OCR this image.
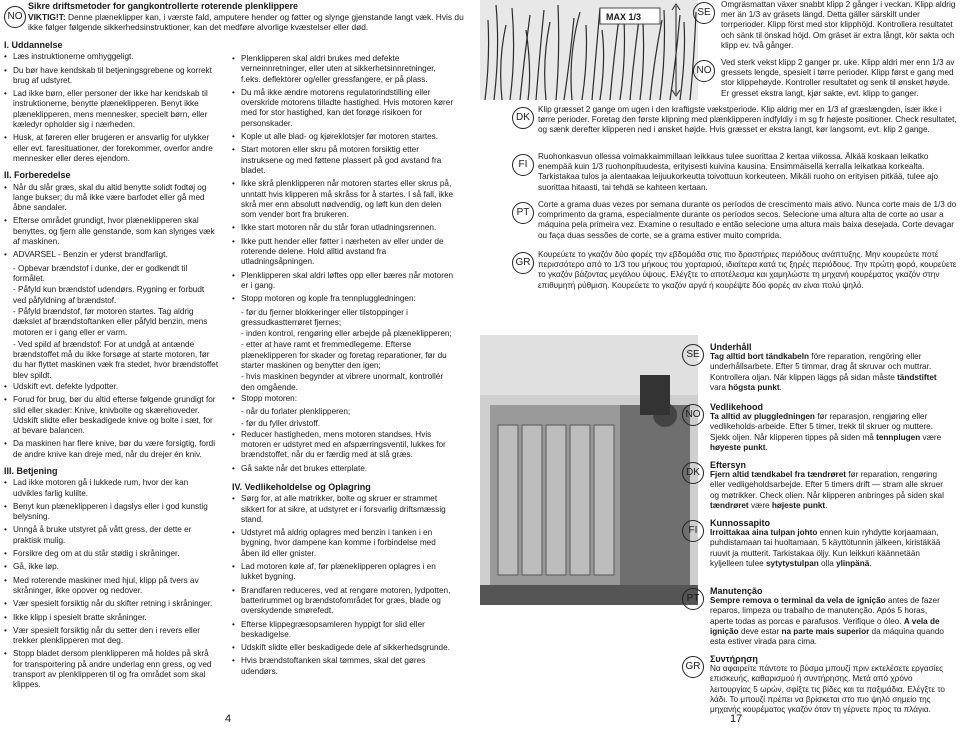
NO
Sikre driftsmetoder for gangkontrollerte roterende plenklippere
VIKTIG!T: Denne plæneklipper kan, i værste fald, amputere hender og føtter og slynge gjenstande langt væk. Hvis du ikke følger følgende sikkerhedsinstruktioner, kan det medføre alvorlige kvæstelser eller død.
I. Uddannelse
• Læs instruktionerne omhyggeligt.
• Du bør have kendskab til betjeningsgrebene og korrekt brug af udstyret.
• Lad ikke børn, eller personer der ikke har kendskab til instruktionerne, benytte plæneklipperen. Benyt ikke plæneklipperen, mens mennesker, specielt børn, eller kæledyr opholder sig i nærheden.
• Husk, at føreren eller brugeren er ansvarlig for ulykker eller evt. faresituationer, der forekommer, overfor andre mennesker eller deres ejendom.
II. Forberedelse
• Når du slår græs, skal du altid benytte solidt fodtøj og lange bukser; du må ikke være barfodet eller gå med åbne sandaler.
• Efterse området grundigt, hvor plæneklipperen skal benyttes, og fjern alle genstande, som kan slynges væk af maskinen.
• ADVARSEL - Benzin er yderst brandfarligt.
- Opbevar brændstof i dunke, der er godkendt til formålet.
- Påfyld kun brændstof udendørs. Rygning er forbudt ved påfyldning af brændstof.
- Påfyld brændstof, før motoren startes. Tag aldrig dækslet af brændstoftanken eller påfyld benzin, mens
motoren er i gang eller er varm.
- Ved spild af brændstof: For at undgå at antænde brændstoffet må du ikke forsøge at starte motoren, før du har flyttet maskinen væk fra stedet, hvor brændstoffet blev spildt.
• Udskift evt. defekte lydpotter.
• Forud for brug, bør du altid efterse følgende grundigt for slid eller skader: Knive, knivbolte og skærehoveder. Udskift slidte eller beskadigede knive og bolte i sæt, for at bevare balancen.
• Da maskinen har flere knive, bør du være forsigtig, fordi de andre knive kan dreje med, når du drejer én kniv.
III. Betjening
• Lad ikke motoren gå i lukkede rum, hvor der kan udvikles farlig kulilte.
• Benyt kun plæneklipperen i dagslys eller i god kunstig belysning.
• Unngå å bruke utstyret på vått gress, der dette er praktisk mulig.
• Forsikre deg om at du står stødig i skråninger.
• Gå, ikke løp.
• Med roterende maskiner med hjul, klipp på tvers av skråninger, ikke opover og nedover.
• Vær spesielt forsiktig når du skifter retning i skråninger.
• Ikke klipp i spesielt bratte skråninger.
• Vær spesielt forsiktig når du setter den i revers eller trekker plenklipperen mot deg.
• Stopp bladet dersom plenklipperen må holdes på skrå for transportering på andre underlag enn gress, og ved transport av plenklipperen til og fra området som skal klippes.
• Plenklipperen skal aldri brukes med defekte verneinnretninger, eller uten at sikkerhetsinnretninger, f.eks. deflektorer og/eller gressfangere, er på plass.
• Du må ikke ændre motorens regulatorindstilling eller overskride motorens tilladte hastighed. Hvis motoren kører med for stor hastighed, kan det forøge risikoen for personskader.
• Kople ut alle blad- og kjøreklotsjer før motoren startes.
• Start motoren eller skru på motoren forsiktig etter instruksene og med føttene plassert på god avstand fra bladet.
• Ikke skrå plenklipperen når motoren startes eller skrus på, unntatt hvis klipperen må skråss for å startes. I så fall, ikke skrå mer enn absolutt nødvendig, og løft kun den delen som vender bort fra brukeren.
• Ikke start motoren når du står foran utladningsrennen.
• Ikke putt hender eller føtter i nærheten av eller under de roterende delene. Hold alltid avstand fra utladningsåpningen.
• Plenklipperen skal aldri løftes opp eller bæres når motoren er i gang.
• Stopp motoren og kople fra tennpluggledningen:
- før du fjerner blokkeringer eller tilstoppinger i gressudkastterrøret fjernes;
- inden kontrol, rengøring eller arbejde på plæneklipperen;
- etter at have ramt et fremmedlegeme. Efterse plæneklipperen for skader og foretag reparationer, før du starter maskinen og benytter den igen;
- hvis maskinen begynder at vibrere unormalt, kontrollér den omgående.
• Stopp motoren:
- når du forlater plenklipperen;
- før du fyller drivstoff.
• Reducer hastigheden, mens motoren standses. Hvis motoren er udstyret med en afspærringsventil, lukkes for brændstoffet, når du er færdig med at slå græs.
• Gå sakte når det brukes etterplate.
IV. Vedlikeholdelse og Oplagring
• Sørg for, at alle møtrikker, bolte og skruer er strammet sikkert for at sikre, at udstyret er i forsvarlig driftsmæssig stand.
• Udstyret må aldrig oplagres med benzin i tanken i en bygning, hvor dampene kan komme i forbindelse med åben ild eller gnister.
• Lad motoren køle af, før plæneklipperen oplagres i en lukket bygning.
• Brandfaren reduceres, ved at rengøre motoren, lydpotten, batterirummet og brændstofområdet for græs, blade og overskydende smørefedt.
• Efterse klippegræsopsamleren hyppigt for slid eller beskadigelse.
• Udskift slidte eller beskadigede dele af sikkerhedsgrunde.
• Hvis brændstoftanken skal tømmes, skal det gøres udendørs.
4
MAX 1/3	SE
Omgräsmattan växer snabbt klipp 2 gånger i veckan. Klipp aldrig mer än 1/3 av gräsets längd. Detta gäller särskilt under torrperioder. Klipp först med stor klipphöjd. Kontrollera resultatet och sänk til önskad höjd. Om gräset är extra långt, kör sakta och klipp ev. två gånger.
NO
Ved sterk vekst klipp 2 ganger pr. uke. Klipp aldri mer enn 1/3 av gressets lengde, spesielt i tørre perioder. Klipp først e gang med stor klippehøyde. Kontroller resultatet og senk til ønsket høyde. Er gresset ekstra langt, kjør sakte, evt. klipp to ganger.
DK
Klip græsset 2 gange om ugen i den kraftigste vækstperiode. Klip aldrig mer en 1/3 af græslængden, især ikke i tørre perioder. Foretag den første klipning med plænklipperen indfyldiy i m sg fr højeste positioner. Check resultatet, og sænk derefter klipperen ned i ønsket højde. Hvis græsset er ekstra langt, kør langsomt, evt. klip 2 gange.
FI
Ruohonkasvun ollessa voimakkaimmillaan leikkaus tulee suorittaa 2 kertaa viikossa. Älkää koskaan leikatko enempää kuin 1/3 ruohonpituudesta, erityisesti kuivina kausina. Ensimmäisellä kerralla leikatkaa korkealta. Tarkistakaa tulos ja alentaakaa leijuukorkeutta toivottuun korkeuteen. Mikäli ruoho on erityisen pitkää, tulee ajo suorittaa hitaasti, tai tehdä se kahteen kertaan.
PT
Corte a grama duas vezes por semana durante os períodos de crescimento mais ativo. Nunca corte mais de 1/3 do comprimento da grama, especialmente durante os períodos secos. Selecione uma altura alta de corte ao usar a máquina pela primeira vez. Examine o resultado e então selecione uma altura mais baixa desejada. Corte devagar ou faça duas sessões de corte, se a grama estiver muito comprida.
GR
Κουρεύετε το γκαζόν δύο φορές την εβδομάδα στις πιο δραστήριες περιόδους ανάπτυξης. Μην κουρεύετε ποτέ περισσότερο από το 1/3 του μήκους του χορταριού, ιδιαίτερα κατά τις ξηρές περιόδους. Την πρώτη φορά, κουρεύετε το γκαζόν βάζοντας μεγάλου ύψους. Ελέγξτε το αποτέλεσμα και χαμηλώστε τη μηχανή κουρέματος γκαζόν στην επιθυμητή ρύθμιση. Κουρεύετε το γκαζόν αργά ή κουρέψτε δύο φορές αν είναι πολύ ψηλό.
SE
Underhåll
Tag alltid bort tändkabeln före reparation, rengöring eller underhållsarbete. Efter 5 timmar, drag åt skruvar och muttrar. Kontrollera oljan. När klippen läggs på sidan måste tändstiftet vara högsta punkt.
NO
Vedlikehood
Ta alltid av pluggledningen før reparasjon, rengjøring eller vedlikeholds-arbeide. Efter 5 timer, trekk til skruer og muttere. Sjekk oljen. Når klipperen tippes på siden må tennplugen være høyeste punkt.
DK
Eftersyn
Fjern altid tændkabel fra tændrøret før reparation, rengøring eller vedligeholdsarbejde. Efter 5 timers drift — stram alle skruer og møtrikker. Check olien. Når klipperen anbringes på siden skal tændrøret være højeste punkt.
FI
Kunnossapito
Irroittakaa aina tulpan johto ennen kuin ryhdytte korjaamaan, puhdistamaan tai huoltamaan. 5 käyttötunnin jälkeen, kiristäkää ruuvit ja mutterit. Tarkistakaa öljy. Kun leikkuri käännetään kyljelleen tulee sytytystulpan olla ylinpänä.
PT
Manutenção
Sempre remova o terminal da vela de ignição antes de fazer reparos, limpeza ou trabalho de manutenção. Após 5 horas, aperte todas as porcas e parafusos. Verifique o óleo. A vela de ignição deve estar na parte mais superior da máquina quando esta estiver virada para cima.
GR
Συντήρηση
Να αφαιρείτε πάντοτε το βύσμα μπουζί πριν εκτελέσετε εργασίες επισκευής, καθαρισμού ή συντήρησης. Μετά από χρόνο λειτουργίας 5 ωρών, σφίξτε τις βίδες και τα παξιμάδια. Ελέγξτε το λάδι. Το μπουζί πρέπει να βρίσκεται στο πιο ψηλό σημείο της μηχανής κουρέματος γκαζόν όταν τη γέρνετε προς τα πλάγια.
17
